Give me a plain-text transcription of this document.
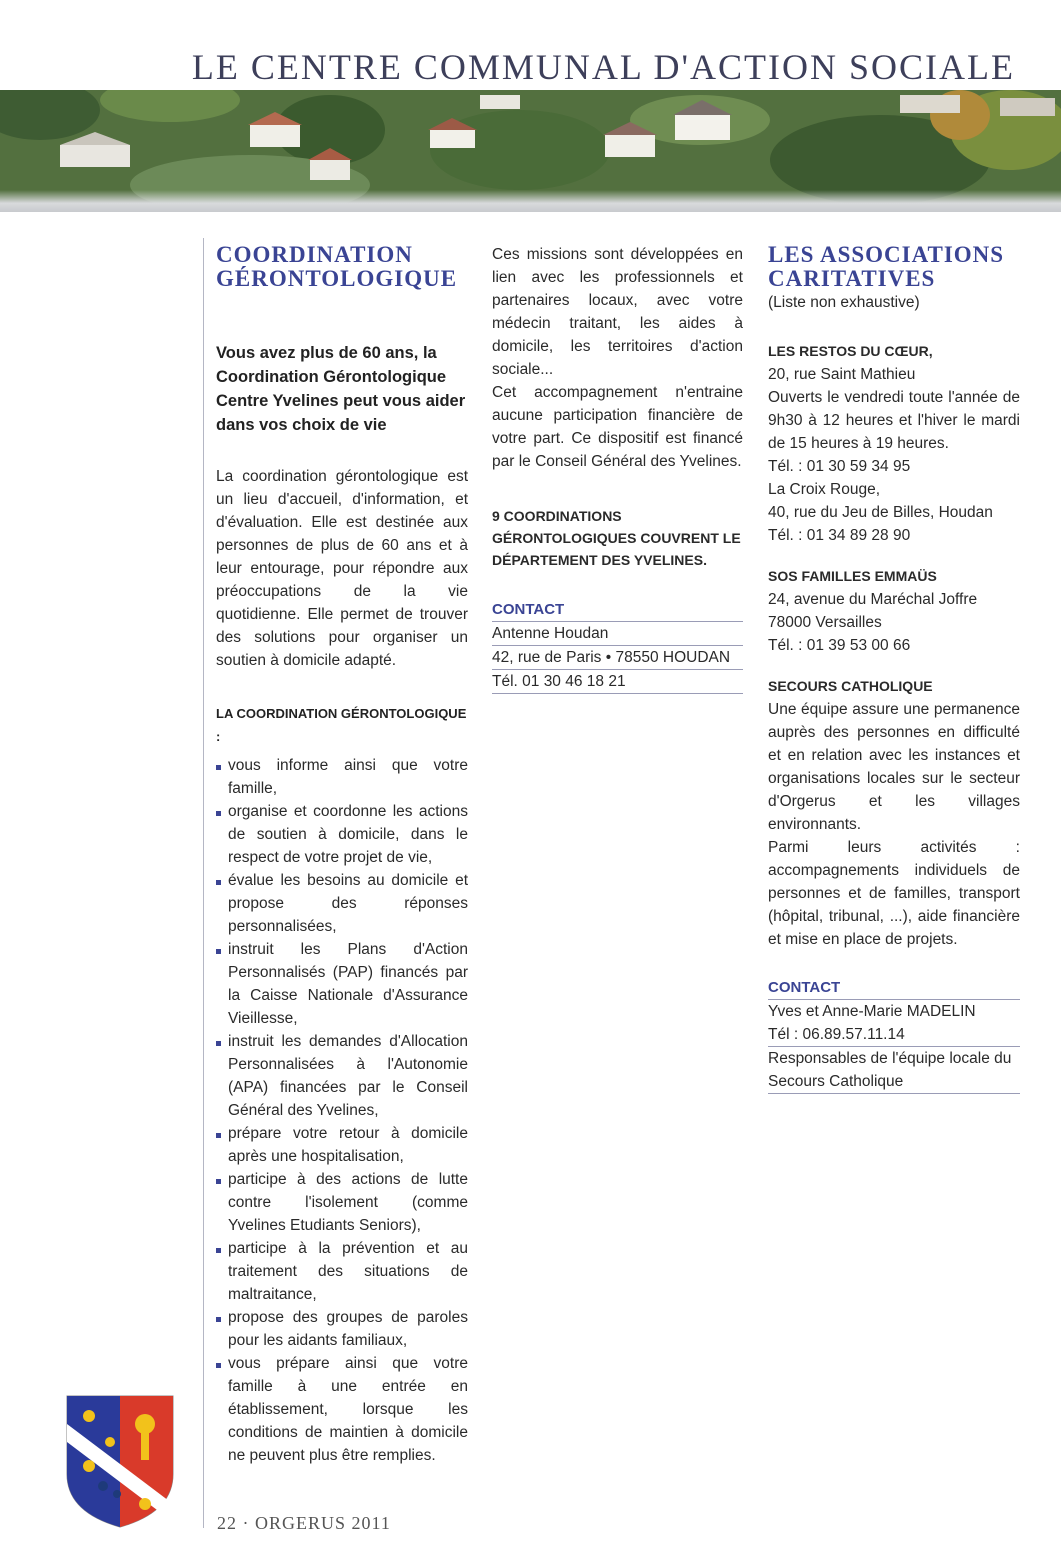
LE CENTRE COMMUNAL D'ACTION SOCIALE
COORDINATION
GÉRONTOLOGIQUE

Vous avez plus de 60 ans, la Coordination Gérontologique Centre Yvelines peut vous aider dans vos choix de vie

La coordination gérontologique est un lieu d'accueil, d'information, et d'évaluation. Elle est destinée aux personnes de plus de 60 ans et à leur entourage, pour répondre aux préoccupations de la vie quotidienne. Elle permet de trouver des solutions pour organiser un soutien à domicile adapté.

LA COORDINATION GÉRONTOLOGIQUE :
vous informe ainsi que votre famille,
organise et coordonne les actions de soutien à domicile, dans le respect de votre projet de vie,
évalue les besoins au domicile et propose des réponses personnalisées,
instruit les Plans d'Action Personnalisés (PAP) financés par la Caisse Nationale d'Assurance Vieillesse,
instruit les demandes d'Allocation Personnalisées à l'Autonomie (APA) financées par le Conseil Général des Yvelines,
prépare votre retour à domicile après une hospitalisation,
participe à des actions de lutte contre l'isolement (comme Yvelines Etudiants Seniors),
participe à la prévention et au traitement des situations de maltraitance,
propose des groupes de paroles pour les aidants familiaux,
vous prépare ainsi que votre famille à une entrée en établissement, lorsque les conditions de maintien à domicile ne peuvent plus être remplies.

Ces missions sont développées en lien avec les professionnels et partenaires locaux, avec votre médecin traitant, les aides à domicile, les territoires d'action sociale...

Cet accompagnement n'entraine aucune participation financière de votre part. Ce dispositif est financé par le Conseil Général des Yvelines.

9 COORDINATIONS GÉRONTOLOGIQUES COUVRENT LE DÉPARTEMENT DES YVELINES.
CONTACT
Antenne Houdan
42, rue de Paris • 78550 HOUDAN
Tél. 01 30 46 18 21
LES ASSOCIATIONS
CARITATIVES

(Liste non exhaustive)

LES RESTOS DU CŒUR,
20, rue Saint Mathieu

Ouverts le vendredi toute l'année de 9h30 à 12 heures et l'hiver le mardi de 15 heures à 19 heures.

Tél. : 01 30 59 34 95
La Croix Rouge,
40, rue du Jeu de Billes, Houdan
Tél. : 01 34 89 28 90
SOS FAMILLES EMMAÜS
24, avenue du Maréchal Joffre
78000 Versailles
Tél. : 01 39 53 00 66
SECOURS CATHOLIQUE

Une équipe assure une permanence auprès des personnes en difficulté et en relation avec les instances et organisations locales sur le secteur d'Orgerus et les villages environnants.

Parmi leurs activités : accompagnements individuels de personnes et de familles, transport (hôpital, tribunal, ...), aide financière et mise en place de projets.

CONTACT
Yves et Anne-Marie MADELIN
Tél : 06.89.57.11.14
Responsables de l'équipe locale du Secours Catholique
22 · ORGERUS 2011
